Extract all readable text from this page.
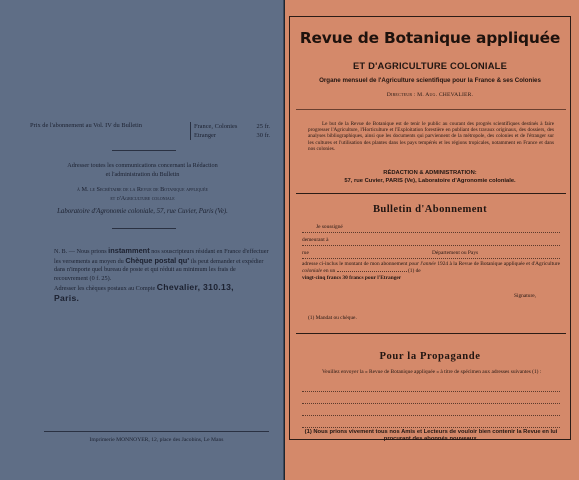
Prix de l'abonnement au Vol. IV du Bulletin	France, Colonies	25 fr.
Etranger	30 fr.
Adresser toutes les communications concernant la Rédaction
et l'administration du Bulletin
à M. le Secrétaire de la Revue de Botanique appliquée
et d'Agriculture coloniale
Laboratoire d'Agronomie coloniale, 57, rue Cuvier, Paris (Ve).
N. B. — Nous prions instamment nos souscripteurs résidant en France d'effectuer les versements au moyen du Chèque postal qu' ils peut demander et expédier dans n'importe quel bureau de poste et qui réduit au minimum les frais de recouvrement (0 f. 25).
Adresser les chèques postaux au Compte Chevalier, 310.13,
Paris.
Imprimerie MONNOYER, 12, place des Jacobins, Le Mans
Revue de Botanique appliquée
ET D'AGRICULTURE COLONIALE
Organe mensuel de l'Agriculture scientifique pour la France & ses Colonies
Directeur : M. Aug. CHEVALIER.
Le but de la Revue de Botanique est de tenir le public au courant des progrès scientifiques destinés à faire progresser l'Agriculture, l'Horticulture et l'Exploitation forestière en publiant des travaux originaux, des dossiers, des analyses bibliographiques, ainsi que les documents qui parviennent de la métropole, des colonies et de l'étranger sur les cultures et l'utilisation des plantes dans les pays tempérés et les régions tropicales, notamment en France et dans nos colonies.
RÉDACTION & ADMINISTRATION:
57, rue Cuvier, PARIS (Ve), Laboratoire d'Agronomie coloniale.
Bulletin d'Abonnement
Je soussigné
demeurant à
rue	Département ou Pays
adresse ci-inclus le montant de mon abonnement pour l'année 1924 à la Revue de Botanique appliquée et d'Agriculture coloniale en un	(1) de
vingt-cinq francs 30 francs pour l'Etranger
Signature,
(1) Mandat ou chèque.
Pour la Propagande
Veuillez envoyer la « Revue de Botanique appliquée » à titre de spécimen aux adresses suivantes (1) :
(1) Nous prions vivement tous nos Amis et Lecteurs de vouloir bien contenir la Revue en lui procurant des abonnés nouveaux.
